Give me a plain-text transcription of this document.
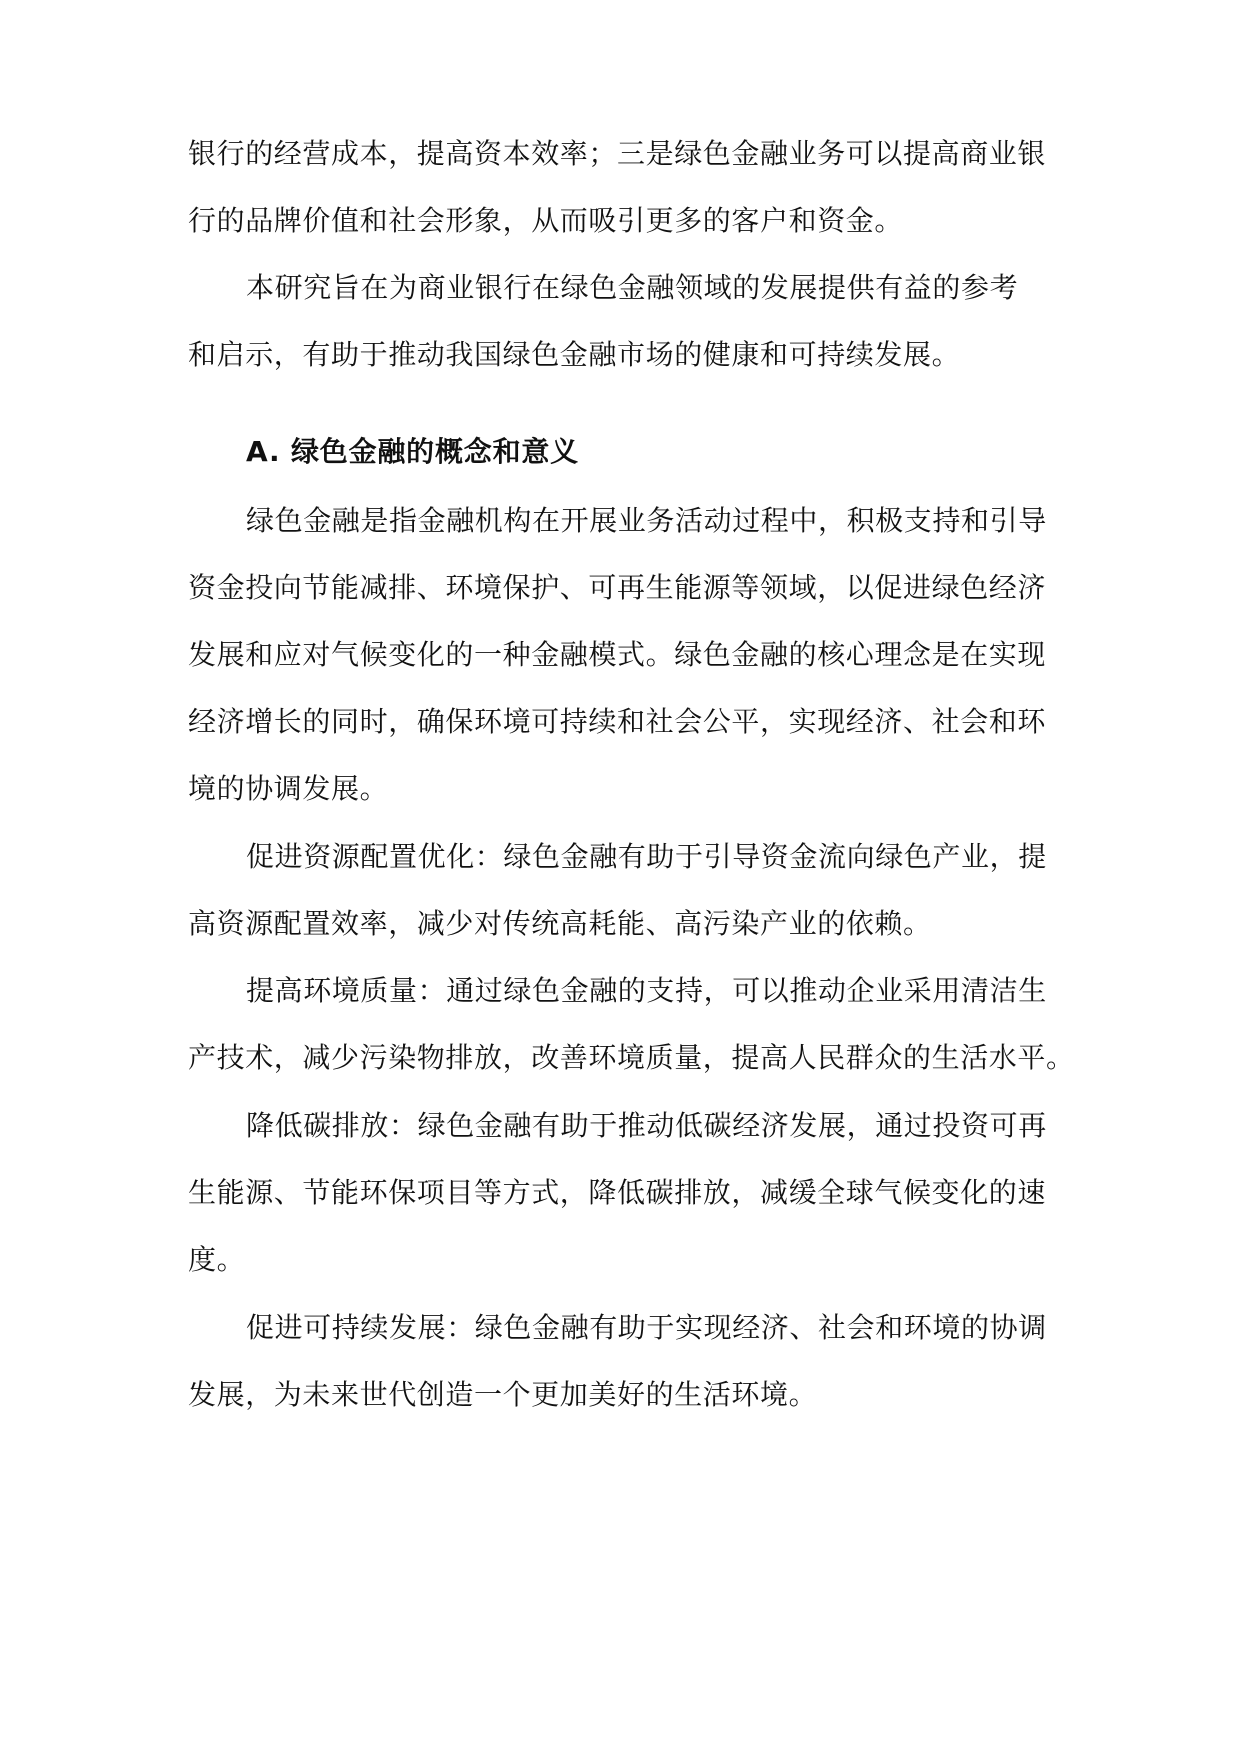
银行的经营成本，提高资本效率；三是绿色金融业务可以提高商业银
行的品牌价值和社会形象，从而吸引更多的客户和资金。
本研究旨在为商业银行在绿色金融领域的发展提供有益的参考
和启示，有助于推动我国绿色金融市场的健康和可持续发展。
A. 绿色金融的概念和意义
绿色金融是指金融机构在开展业务活动过程中，积极支持和引导
资金投向节能减排、环境保护、可再生能源等领域，以促进绿色经济
发展和应对气候变化的一种金融模式。绿色金融的核心理念是在实现
经济增长的同时，确保环境可持续和社会公平，实现经济、社会和环
境的协调发展。
促进资源配置优化：绿色金融有助于引导资金流向绿色产业，提
高资源配置效率，减少对传统高耗能、高污染产业的依赖。
提高环境质量：通过绿色金融的支持，可以推动企业采用清洁生
产技术，减少污染物排放，改善环境质量，提高人民群众的生活水平。
降低碳排放：绿色金融有助于推动低碳经济发展，通过投资可再
生能源、节能环保项目等方式，降低碳排放，减缓全球气候变化的速
度。
促进可持续发展：绿色金融有助于实现经济、社会和环境的协调
发展，为未来世代创造一个更加美好的生活环境。
